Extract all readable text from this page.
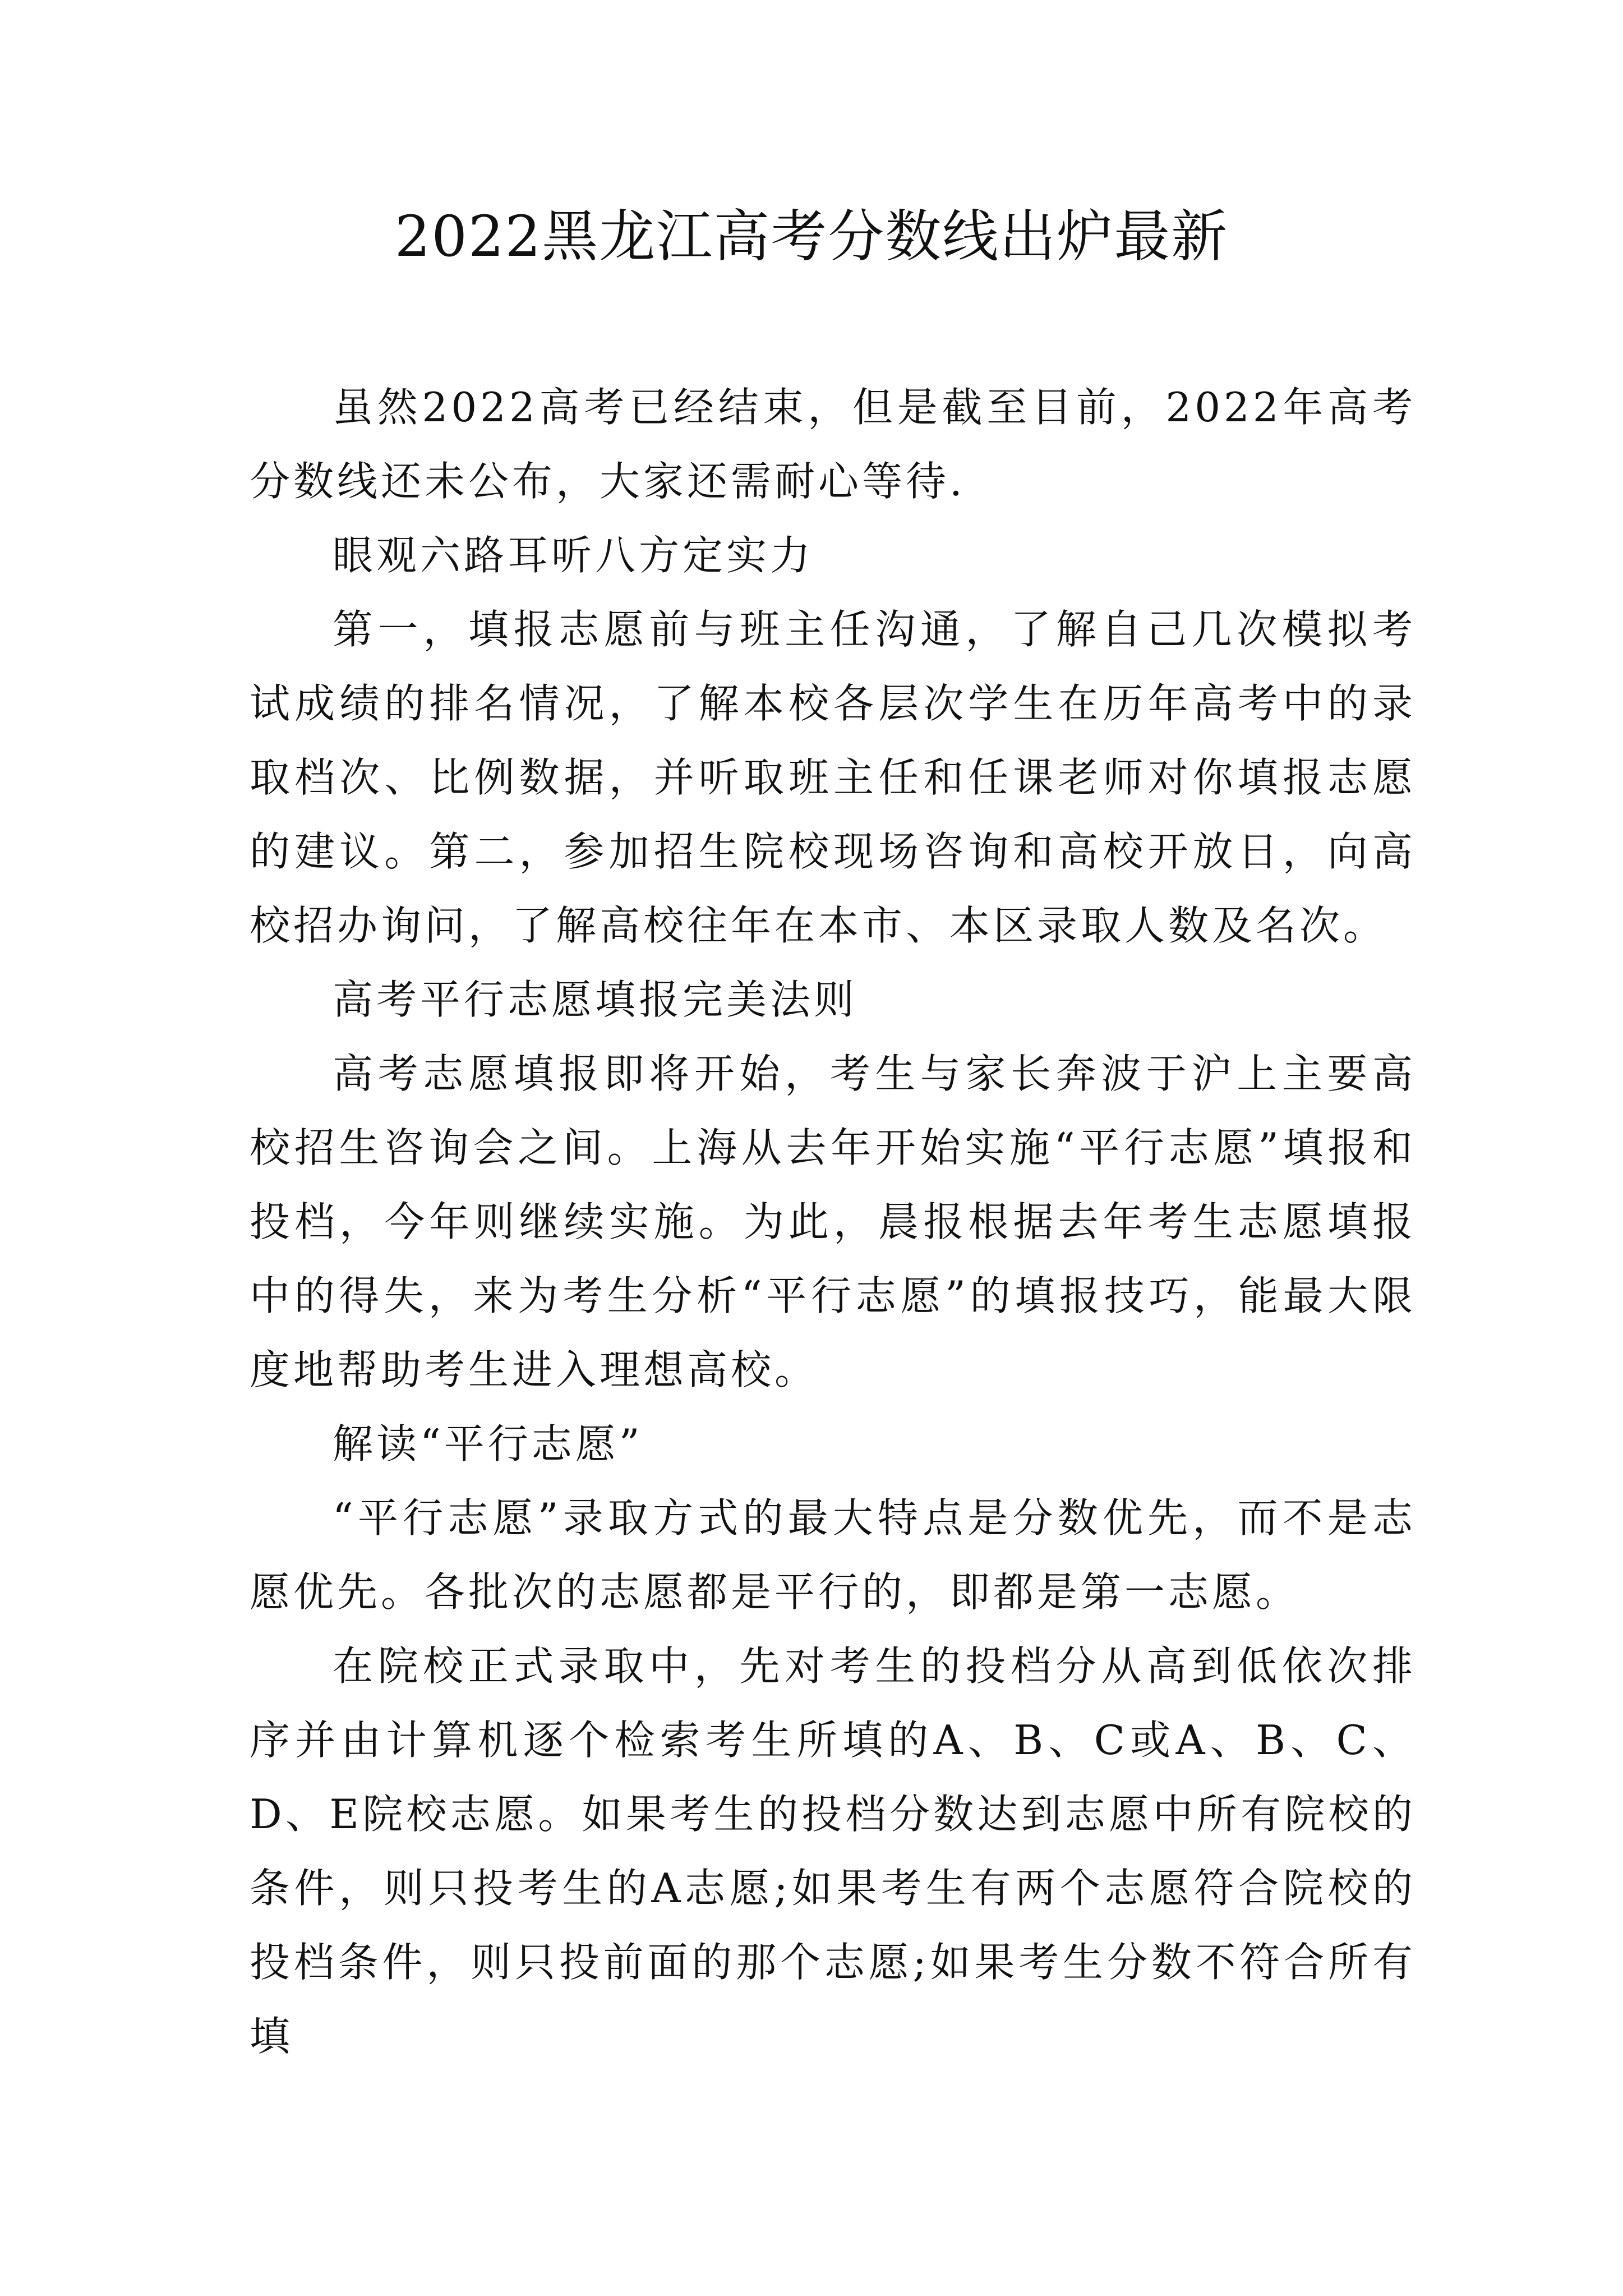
2022黑龙江高考分数线出炉最新

虽然2022高考已经结束，但是截至目前，2022年高考分数线还未公布，大家还需耐心等待.

眼观六路耳听八方定实力

第一，填报志愿前与班主任沟通，了解自己几次模拟考试成绩的排名情况，了解本校各层次学生在历年高考中的录取档次、比例数据，并听取班主任和任课老师对你填报志愿的建议。第二，参加招生院校现场咨询和高校开放日，向高校招办询问，了解高校往年在本市、本区录取人数及名次。

高考平行志愿填报完美法则

高考志愿填报即将开始，考生与家长奔波于沪上主要高校招生咨询会之间。上海从去年开始实施“平行志愿”填报和投档，今年则继续实施。为此，晨报根据去年考生志愿填报中的得失，来为考生分析“平行志愿”的填报技巧，能最大限度地帮助考生进入理想高校。

解读“平行志愿”

“平行志愿”录取方式的最大特点是分数优先，而不是志愿优先。各批次的志愿都是平行的，即都是第一志愿。

在院校正式录取中，先对考生的投档分从高到低依次排序并由计算机逐个检索考生所填的A、B、C或A、B、C、D、E院校志愿。如果考生的投档分数达到志愿中所有院校的条件，则只投考生的A志愿;如果考生有两个志愿符合院校的投档条件，则只投前面的那个志愿;如果考生分数不符合所有填
